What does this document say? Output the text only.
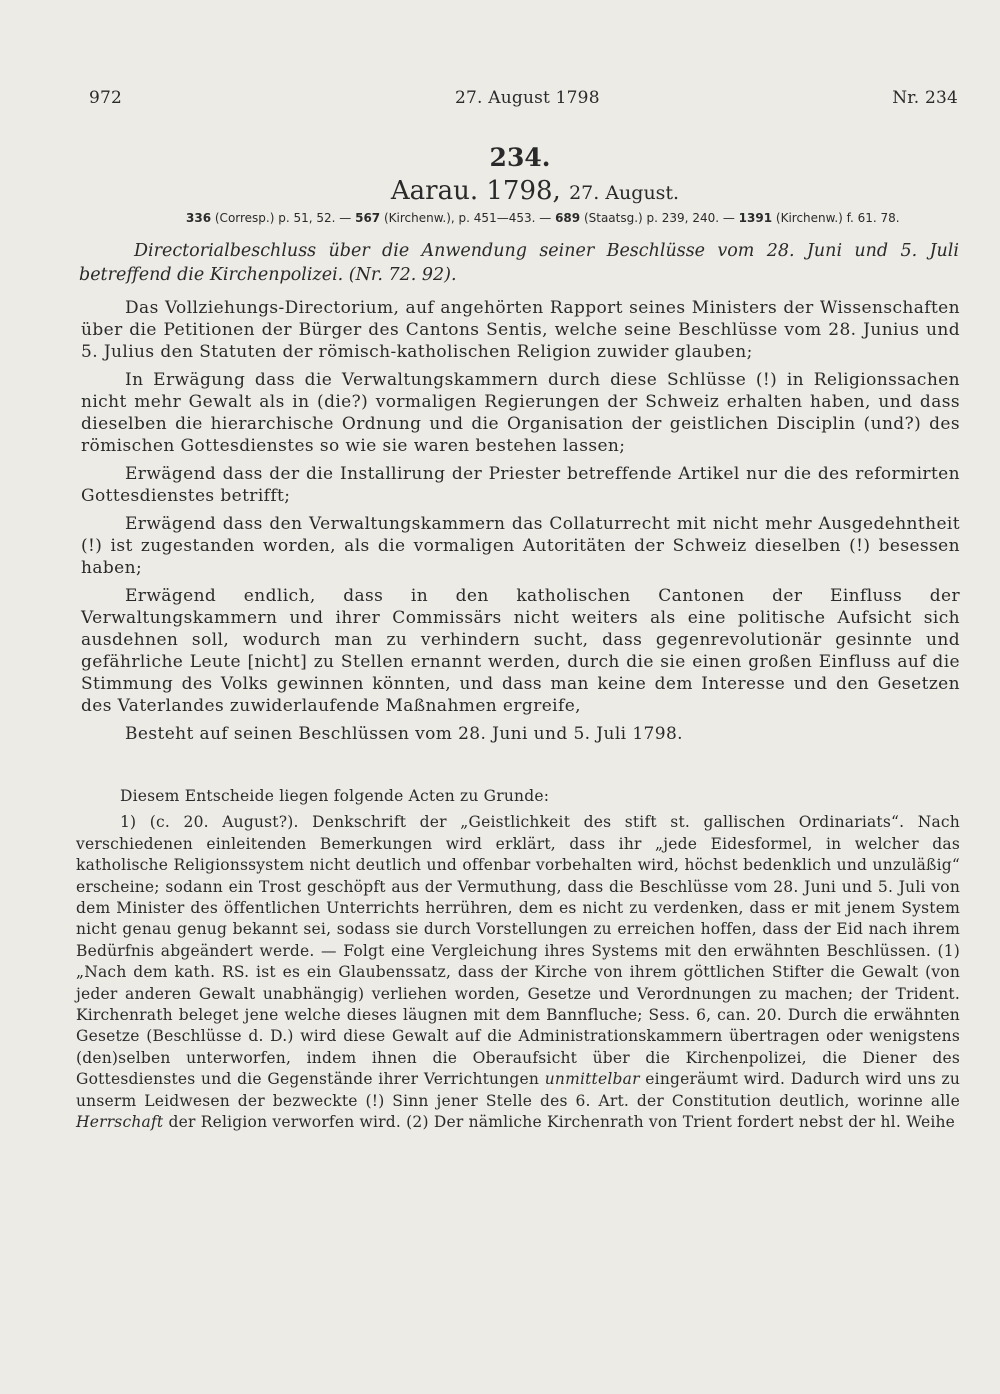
972	27. August 1798	Nr. 234
234.
Aarau. 1798, 27. August.
336 (Corresp.) p. 51, 52. — 567 (Kirchenw.), p. 451—453. — 689 (Staatsg.) p. 239, 240. — 1391 (Kirchenw.) f. 61. 78.
Directorialbeschluss über die Anwendung seiner Beschlüsse vom 28. Juni und 5. Juli betreffend die Kirchenpolizei. (Nr. 72. 92).

Das Vollziehungs-Directorium, auf angehörten Rapport seines Ministers der Wissenschaften über die Petitionen der Bürger des Cantons Sentis, welche seine Beschlüsse vom 28. Junius und 5. Julius den Statuten der römisch-katholischen Religion zuwider glauben;

In Erwägung dass die Verwaltungskammern durch diese Schlüsse (!) in Religionssachen nicht mehr Gewalt als in (die?) vormaligen Regierungen der Schweiz erhalten haben, und dass dieselben die hierarchische Ordnung und die Organisation der geistlichen Disciplin (und?) des römischen Gottesdienstes so wie sie waren bestehen lassen;

Erwägend dass der die Installirung der Priester betreffende Artikel nur die des reformirten Gottesdienstes betrifft;

Erwägend dass den Verwaltungskammern das Collaturrecht mit nicht mehr Ausgedehntheit (!) ist zugestanden worden, als die vormaligen Autoritäten der Schweiz dieselben (!) besessen haben;

Erwägend endlich, dass in den katholischen Cantonen der Einfluss der Verwaltungskammern und ihrer Commissärs nicht weiters als eine politische Aufsicht sich ausdehnen soll, wodurch man zu verhindern sucht, dass gegenrevolutionär gesinnte und gefährliche Leute [nicht] zu Stellen ernannt werden, durch die sie einen großen Einfluss auf die Stimmung des Volks gewinnen könnten, und dass man keine dem Interesse und den Gesetzen des Vaterlandes zuwiderlaufende Maßnahmen ergreife,

Besteht auf seinen Beschlüssen vom 28. Juni und 5. Juli 1798.

Diesem Entscheide liegen folgende Acten zu Grunde:

1) (c. 20. August?). Denkschrift der „Geistlichkeit des stift st. gallischen Ordinariats“. Nach verschiedenen einleitenden Bemerkungen wird erklärt, dass ihr „jede Eidesformel, in welcher das katholische Religionssystem nicht deutlich und offenbar vorbehalten wird, höchst bedenklich und unzuläßig“ erscheine; sodann ein Trost geschöpft aus der Vermuthung, dass die Beschlüsse vom 28. Juni und 5. Juli von dem Minister des öffentlichen Unterrichts herrühren, dem es nicht zu verdenken, dass er mit jenem System nicht genau genug bekannt sei, sodass sie durch Vorstellungen zu erreichen hoffen, dass der Eid nach ihrem Bedürfnis abgeändert werde. — Folgt eine Vergleichung ihres Systems mit den erwähnten Beschlüssen. (1) „Nach dem kath. RS. ist es ein Glaubenssatz, dass der Kirche von ihrem göttlichen Stifter die Gewalt (von jeder anderen Gewalt unabhängig) verliehen worden, Gesetze und Verordnungen zu machen; der Trident. Kirchenrath beleget jene welche dieses läugnen mit dem Bannfluche; Sess. 6, can. 20. Durch die erwähnten Gesetze (Beschlüsse d. D.) wird diese Gewalt auf die Administrationskammern übertragen oder wenigstens (den)selben unterworfen, indem ihnen die Oberaufsicht über die Kirchenpolizei, die Diener des Gottesdienstes und die Gegenstände ihrer Verrichtungen unmittelbar eingeräumt wird. Dadurch wird uns zu unserm Leidwesen der bezweckte (!) Sinn jener Stelle des 6. Art. der Constitution deutlich, worinne alle Herrschaft der Religion verworfen wird. (2) Der nämliche Kirchenrath von Trient fordert nebst der hl. Weihe
